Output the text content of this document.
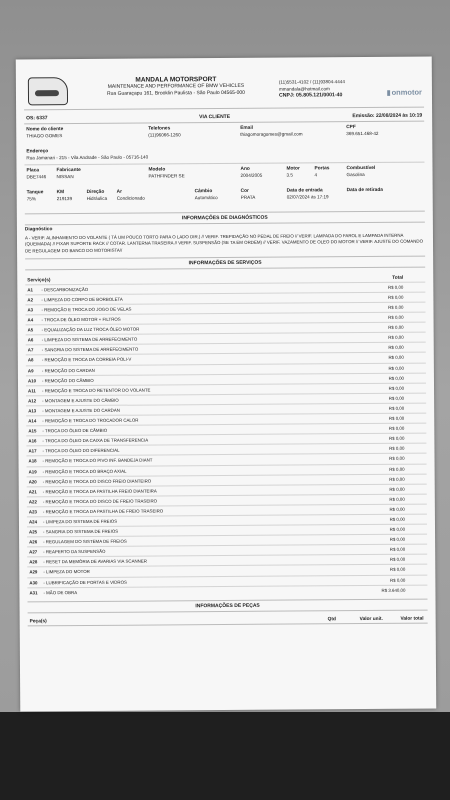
MANDALA MOTORSPORT
MAINTENANCE AND PERFORMANCE OF BMW VEHICLES
Rua Guaraçapu 161, Brooklin Paulista - São Paulo 04565-000
(11)5531-4102 / (11)93804-4444
mmandala@hotmail.com
CNPJ: 05.805.121/0001-40
▮	onmotor
OS: 6337	VIA CLIENTE	Emissão: 22/08/2024 às 10:19
Nome do cliente
THIAGO GOMES
Telefones
(11)96066-1260
Email
thiagomoragomes@gmail.com
CPF
369.651.468-42
Endereço
Rua Jamanari - 215 - Vila Andrade - São Paulo - 05716-140
Placa
DBE7446
Fabricante
NISSAN
Modelo
PATHFINDER SE
Ano
2004/2005
Motor
3.5
Portas
4
Combustível
Gasolina
Tanque
75%
KM
219139
Direção
Hidráulica
Ar
Condicionado
Câmbio
Automático
Cor
PRATA
Data de entrada
02/07/2024 às 17:19
Data de retirada
INFORMAÇÕES DE DIAGNÓSTICOS
Diagnóstico
A - VERIF. ALINHAMENTO DO VOLANTE ( TÁ UM POUCO TORTO PARA O LADO DIR.) // VERIF. TREPIDAÇÃO NO PEDAL DE FREIO // VERIF. LAMPADA DO FAROL E LAMPADA INTERNA (QUEIMADA) // FIXAR SUPORTE RACK // COTAR. LANTERNA TRASEIRA // VERIF. SUSPENSÃO (SE TA EM ORDEM) // VERIF. VAZAMENTO DE OLEO DO MOTOR // VERIF. AJUSTE DO COMANDO DE REGULAGEM DO BANCO DO MOTORISTA//
INFORMAÇÕES DE SERVIÇOS
Serviço(s)	Total
A1 - DESCARBONIZAÇÃO	R$ 0,00
A2 - LIMPEZA DO CORPO DE BORBOLETA	R$ 0,00
A3 - REMOÇÃO E TROCA DO JOGO DE VELAS	R$ 0,00
A4 - TROCA DE ÓLEO MOTOR + FILTROS	R$ 0,00
A5 - EQUALIZAÇÃO DA LUZ TROCA ÓLEO MOTOR	R$ 0,00
A6 - LIMPEZA DO SISTEMA DE ARREFECIMENTO	R$ 0,00
A7 - SANGRIA DO SISTEMA DE ARREFECIMENTO	R$ 0,00
A8 - REMOÇÃO E TROCA DA CORREIA POLI-V	R$ 0,00
A9 - REMOÇÃO DO CARDAN	R$ 0,00
A10 - REMOÇÃO DO CÂMBIO	R$ 0,00
A11 - REMOÇÃO E TROCA DO RETENTOR DO VOLANTE	R$ 0,00
A12 - MONTAGEM E AJUSTE DO CÂMBIO	R$ 0,00
A13 - MONTAGEM E AJUSTE DO CARDAN	R$ 0,00
A14 - REMOÇÃO E TROCA DO TROCADOR CALOR	R$ 0,00
A15 - TROCA DO ÓLEO DE CÂMBIO	R$ 0,00
A16 - TROCA DO ÓLEO DA CAIXA DE TRANSFERENCIA	R$ 0,00
A17 - TROCA DO ÓLEO DO DIFERENCIAL	R$ 0,00
A18 - REMOÇÃO E TROCA DO PIVO INF. BANDEJA DIANT	R$ 0,00
A19 - REMOÇÃO E TROCA DO BRAÇO AXIAL	R$ 0,00
A20 - REMOÇÃO E TROCA DO DISCO FREIO DIANTEIRO	R$ 0,00
A21 - REMOÇÃO E TROCA DA PASTILHA FREIO DIANTEIRA	R$ 0,00
A22 - REMOÇÃO E TROCA DO DISCO DE FREIO TRASEIRO	R$ 0,00
A23 - REMOÇÃO E TROCA DA PASTILHA DE FREIO TRASEIRO	R$ 0,00
A24 - LIMPEZA DO SISTEMA DE FREIOS	R$ 0,00
A25 - SANGRIA DO SISTEMA DE FREIOS	R$ 0,00
A26 - REGULAGEM DO SISTEMA DE FREIOS	R$ 0,00
A27 - REAPERTO DA SUSPENSÃO	R$ 0,00
A28 - RESET DA MEMÓRIA DE AVARIAS VIA SCANNER	R$ 0,00
A29 - LIMPEZA DO MOTOR	R$ 0,00
A30 - LUBRIFICAÇÃO DE PORTAS E VIDROS	R$ 0,00
A31 - MÃO DE OBRA	R$ 3.640,00
INFORMAÇÕES DE PEÇAS
Peça(s)	Qtd	Valor unit.	Valor total
